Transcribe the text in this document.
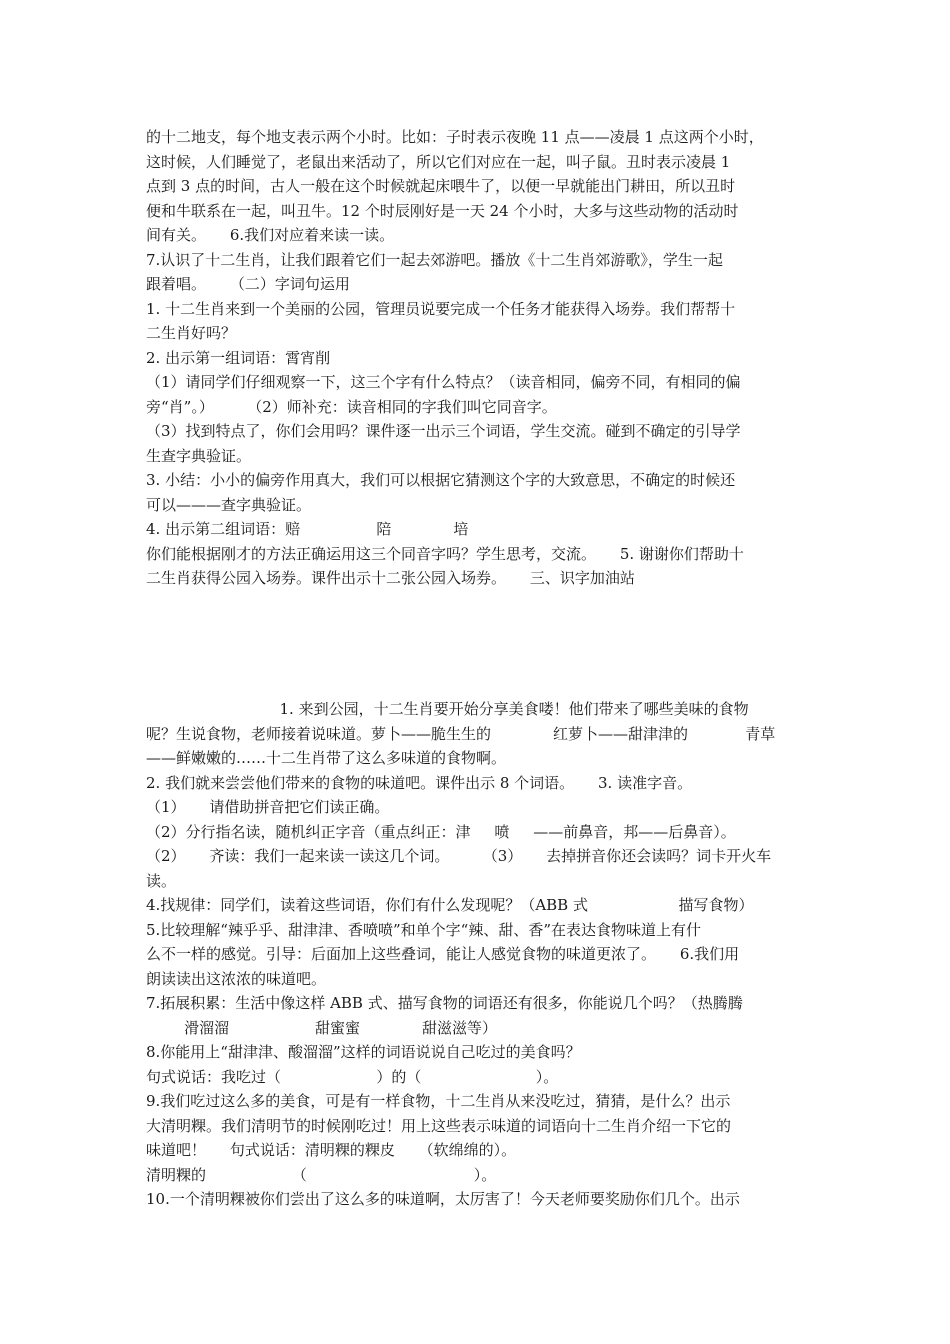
的十二地支，每个地支表示两个小时。比如：子时表示夜晚 11 点——凌晨 1 点这两个小时，
这时候，人们睡觉了，老鼠出来活动了，所以它们对应在一起，叫子鼠。丑时表示凌晨 1
点到 3 点的时间，古人一般在这个时候就起床喂牛了，以便一早就能出门耕田，所以丑时
便和牛联系在一起，叫丑牛。12 个时辰刚好是一天 24 个小时，大多与这些动物的活动时
间有关。     6.我们对应着来读一读。
7.认识了十二生肖，让我们跟着它们一起去郊游吧。播放《十二生肖郊游歌》，学生一起
跟着唱。     （二）字词句运用
1. 十二生肖来到一个美丽的公园，管理员说要完成一个任务才能获得入场券。我们帮帮十
二生肖好吗？
2. 出示第一组词语：霄宵削
（1）请同学们仔细观察一下，这三个字有什么特点？（读音相同，偏旁不同，有相同的偏
旁“肖”。）       （2）师补充：读音相同的字我们叫它同音字。
（3）找到特点了，你们会用吗？课件逐一出示三个词语，学生交流。碰到不确定的引导学
生查字典验证。
3. 小结：小小的偏旁作用真大，我们可以根据它猜测这个字的大致意思，不确定的时候还
可以———查字典验证。
4. 出示第二组词语：赔                陪             培
你们能根据刚才的方法正确运用这三个同音字吗？学生思考，交流。     5. 谢谢你们帮助十
二生肖获得公园入场券。课件出示十二张公园入场券。     三、识字加油站
1. 来到公园，十二生肖要开始分享美食喽！他们带来了哪些美味的食物
呢？生说食物，老师接着说味道。萝卜——脆生生的             红萝卜——甜津津的            青草
——鲜嫩嫩的……十二生肖带了这么多味道的食物啊。
2. 我们就来尝尝他们带来的食物的味道吧。课件出示 8 个词语。     3. 读准字音。
（1）     请借助拼音把它们读正确。
（2）分行指名读，随机纠正字音（重点纠正：津     喷     ——前鼻音，邦——后鼻音）。
（2）     齐读：我们一起来读一读这几个词。       （3）     去掉拼音你还会读吗？词卡开火车
读。
4.找规律：同学们，读着这些词语，你们有什么发现呢？（ABB 式                   描写食物）
5.比较理解“辣乎乎、甜津津、香喷喷”和单个字“辣、甜、香”在表达食物味道上有什
么不一样的感觉。引导：后面加上这些叠词，能让人感觉食物的味道更浓了。     6.我们用
朗读读出这浓浓的味道吧。
7.拓展积累：生活中像这样 ABB 式、描写食物的词语还有很多，你能说几个吗？（热腾腾
滑溜溜                  甜蜜蜜             甜滋滋等）
8.你能用上“甜津津、酸溜溜”这样的词语说说自己吃过的美食吗？
句式说话：我吃过（                    ）的（                        ）。
9.我们吃过这么多的美食，可是有一样食物，十二生肖从来没吃过，猜猜，是什么？出示
大清明粿。我们清明节的时候刚吃过！用上这些表示味道的词语向十二生肖介绍一下它的
味道吧！     句式说话：清明粿的粿皮     （软绵绵的）。
清明粿的                  （                                   ）。
10.一个清明粿被你们尝出了这么多的味道啊，太厉害了！今天老师要奖励你们几个。出示
